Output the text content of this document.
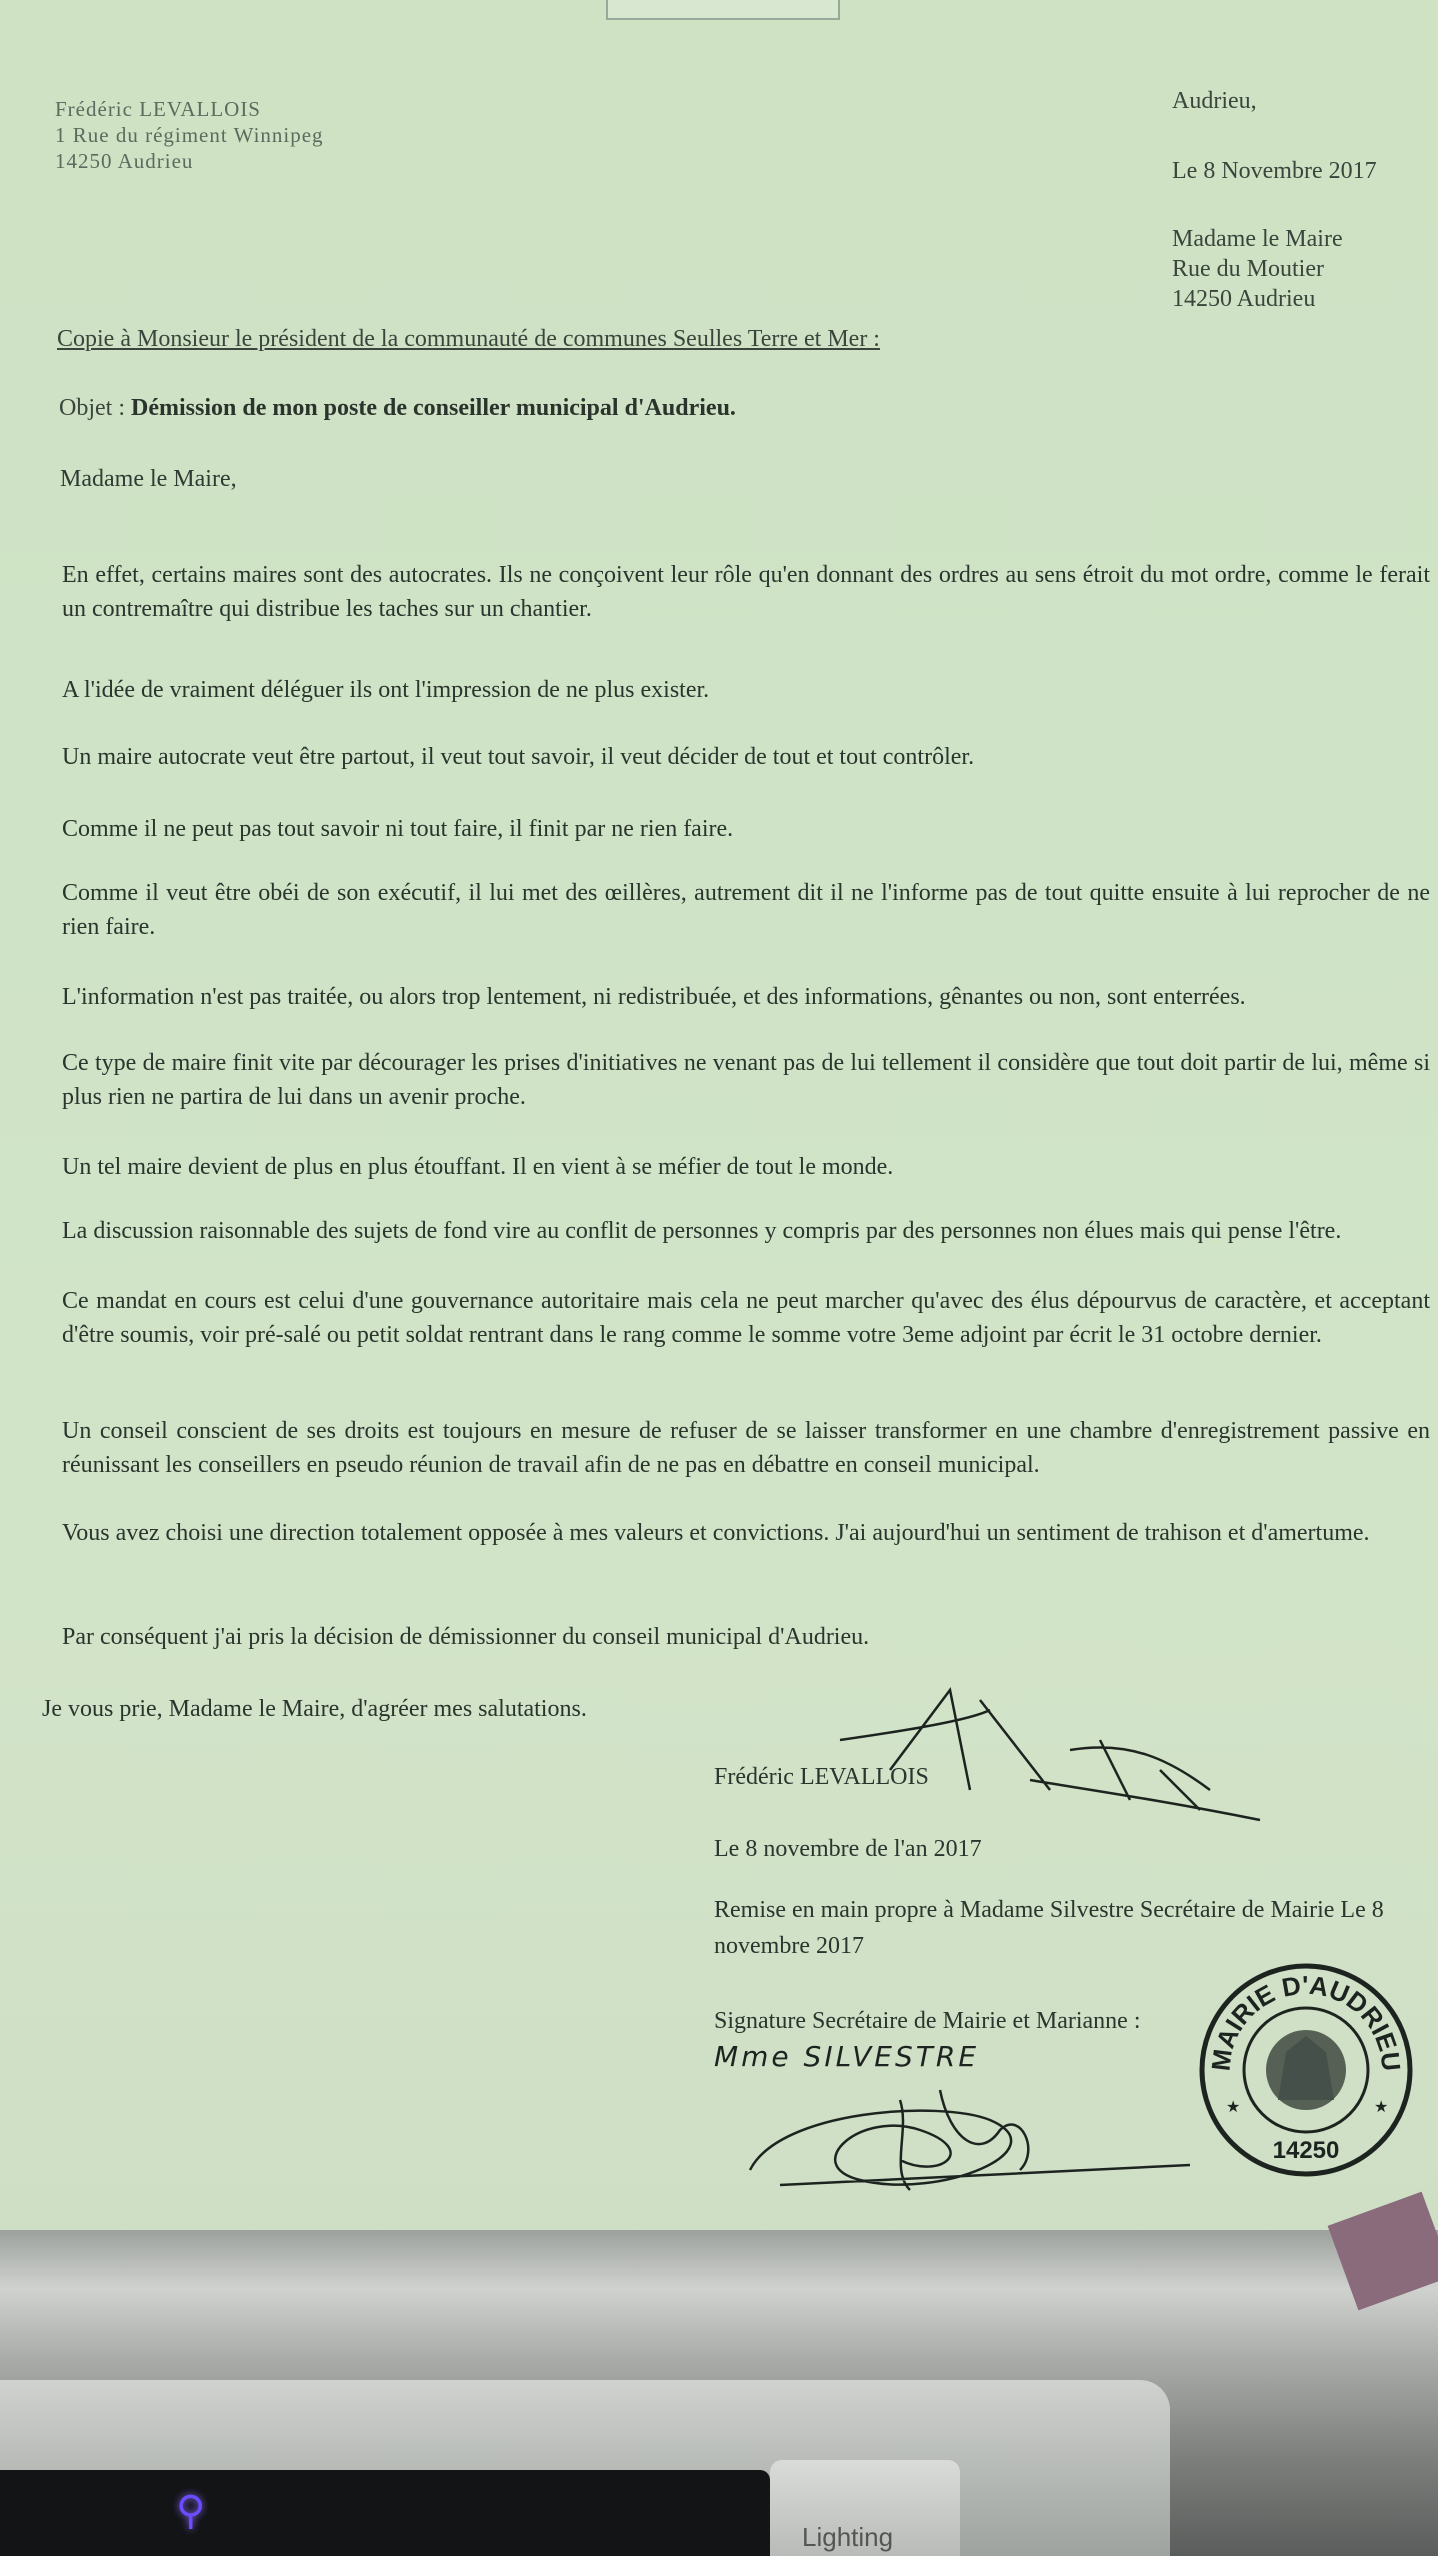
Frédéric LEVALLOIS
1 Rue du régiment Winnipeg
14250 Audrieu
Audrieu,
Le 8 Novembre 2017
Madame le Maire
Rue du Moutier
14250 Audrieu
Copie à Monsieur le président de la communauté de communes Seulles Terre et Mer :
Objet : Démission de mon poste de conseiller municipal d'Audrieu.
Madame le Maire,
En effet, certains maires sont des autocrates. Ils ne conçoivent leur rôle qu'en donnant des ordres au sens étroit du mot ordre, comme le ferait un contremaître qui distribue les taches sur un chantier.
A l'idée de vraiment déléguer ils ont l'impression de ne plus exister.
Un maire autocrate veut être partout, il veut tout savoir, il veut décider de tout et tout contrôler.
Comme il ne peut pas tout savoir ni tout faire, il finit par ne rien faire.
Comme il veut être obéi de son exécutif, il lui met des œillères, autrement dit il ne l'informe pas de tout quitte ensuite à lui reprocher de ne rien faire.
L'information n'est pas traitée, ou alors trop lentement, ni redistribuée, et des informations, gênantes ou non, sont enterrées.
Ce type de maire finit vite par décourager les prises d'initiatives ne venant pas de lui tellement il considère que tout doit partir de lui, même si plus rien ne partira de lui dans un avenir proche.
Un tel maire devient de plus en plus étouffant. Il en vient à se méfier de tout le monde.
La discussion raisonnable des sujets de fond vire au conflit de personnes y compris par des personnes non élues mais qui pense l'être.
Ce mandat en cours est celui d'une gouvernance autoritaire mais cela ne peut marcher qu'avec des élus dépourvus de caractère, et acceptant d'être soumis, voir pré-salé ou petit soldat rentrant dans le rang comme le somme votre 3eme adjoint par écrit le 31 octobre dernier.
Un conseil conscient de ses droits est toujours en mesure de refuser de se laisser transformer en une chambre d'enregistrement passive en réunissant les conseillers en pseudo réunion de travail afin de ne pas en débattre en conseil municipal.
Vous avez choisi une direction totalement opposée à mes valeurs et convictions. J'ai aujourd'hui un sentiment de trahison et d'amertume.
Par conséquent j'ai pris la décision de démissionner du conseil municipal d'Audrieu.
Je vous prie, Madame le Maire, d'agréer mes salutations.
Frédéric LEVALLOIS
Le 8 novembre de l'an 2017
Remise en main propre à Madame Silvestre Secrétaire de Mairie Le 8 novembre 2017
Signature Secrétaire de Mairie et Marianne :
Mme SILVESTRE	MAIRIE D'AUDRIEU
14250
★	★
⚲
Lighting
